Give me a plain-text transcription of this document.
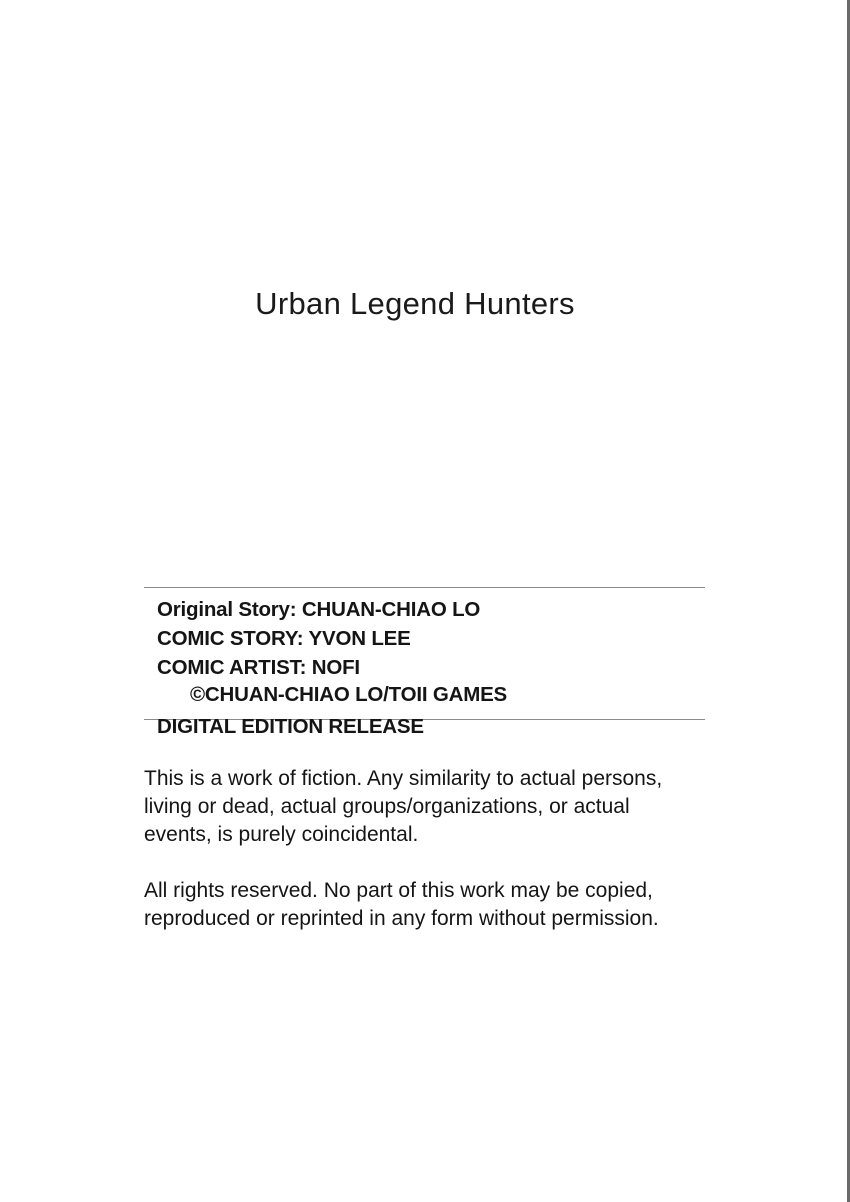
Urban Legend Hunters
Original Story: CHUAN-CHIAO LO
COMIC STORY: YVON LEE
COMIC ARTIST: NOFI
©CHUAN-CHIAO LO/TOII GAMES
DIGITAL EDITION RELEASE
This is a work of fiction. Any similarity to actual persons,
living or dead, actual groups/organizations, or actual
events, is purely coincidental.
All rights reserved. No part of this work may be copied,
reproduced or reprinted in any form without permission.
